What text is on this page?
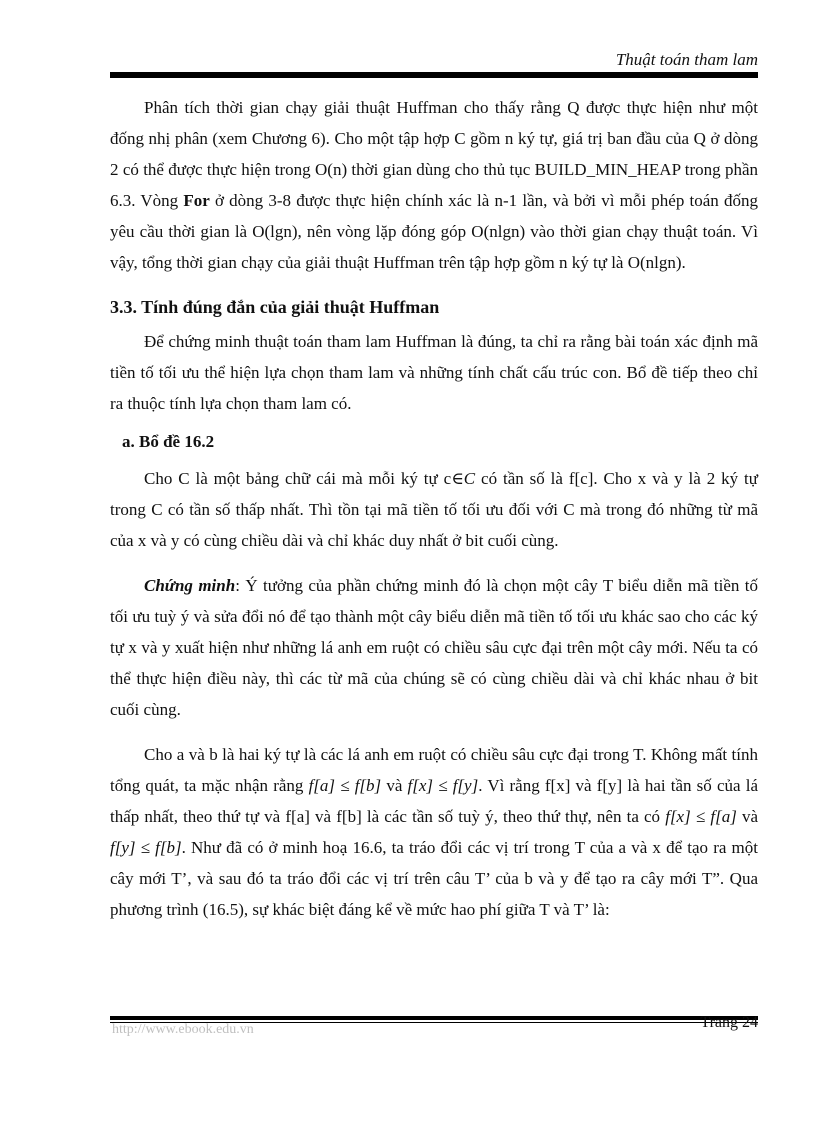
Thuật toán tham lam

Phân tích thời gian chạy giải thuật Huffman cho thấy rằng Q được thực hiện như một đống nhị phân (xem Chương 6). Cho một tập hợp C gồm n ký tự, giá trị ban đầu của Q ở dòng 2 có thể được thực hiện trong O(n) thời gian dùng cho thủ tục BUILD_MIN_HEAP trong phần 6.3. Vòng For ở dòng 3-8 được thực hiện chính xác là n-1 lần, và bởi vì mỗi phép toán đống yêu cầu thời gian là O(lgn), nên vòng lặp đóng góp O(nlgn) vào thời gian chạy thuật toán. Vì vậy, tổng thời gian chạy của giải thuật Huffman trên tập hợp gồm n ký tự là O(nlgn).

3.3. Tính đúng đắn của giải thuật Huffman

Để chứng minh thuật toán tham lam Huffman là đúng, ta chỉ ra rằng bài toán xác định mã tiền tố tối ưu thể hiện lựa chọn tham lam và những tính chất cấu trúc con. Bổ đề tiếp theo chỉ ra thuộc tính lựa chọn tham lam có.

a. Bổ đề 16.2

Cho C là một bảng chữ cái mà mỗi ký tự c∈C có tần số là f[c]. Cho x và y là 2 ký tự trong C có tần số thấp nhất. Thì tồn tại mã tiền tố tối ưu đối với C mà trong đó những từ mã của x và y có cùng chiều dài và chỉ khác duy nhất ở bit cuối cùng.

Chứng minh: Ý tưởng của phần chứng minh đó là chọn một cây T biểu diễn mã tiền tố tối ưu tuỳ ý và sửa đổi nó để tạo thành một cây biểu diễn mã tiền tố tối ưu khác sao cho các ký tự x và y xuất hiện như những lá anh em ruột có chiều sâu cực đại trên một cây mới. Nếu ta có thể thực hiện điều này, thì các từ mã của chúng sẽ có cùng chiều dài và chỉ khác nhau ở bit cuối cùng.

Cho a và b là hai ký tự là các lá anh em ruột có chiều sâu cực đại trong T. Không mất tính tổng quát, ta mặc nhận rằng f[a] ≤ f[b] và f[x] ≤ f[y]. Vì rằng f[x] và f[y] là hai tần số của lá thấp nhất, theo thứ tự và f[a] và f[b] là các tần số tuỳ ý, theo thứ thự, nên ta có f[x] ≤ f[a] và f[y] ≤ f[b]. Như đã có ở minh hoạ 16.6, ta tráo đổi các vị trí trong T của a và x để tạo ra một cây mới T’, và sau đó ta tráo đổi các vị trí trên câu T’ của b và y để tạo ra cây mới T”. Qua phương trình (16.5), sự khác biệt đáng kể về mức hao phí giữa T và T’ là:

http://www.ebook.edu.vn	Trang 24
